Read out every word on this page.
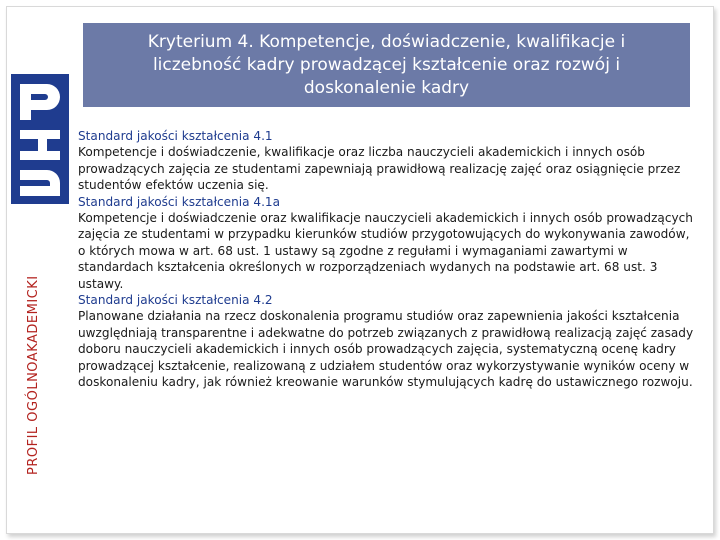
PROFIL OGÓLNOAKADEMICKI
Kryterium 4. Kompetencje, doświadczenie, kwalifikacje i liczebność kadry prowadzącej kształcenie oraz rozwój i doskonalenie kadry

Standard jakości kształcenia 4.1

Kompetencje i doświadczenie, kwalifikacje oraz liczba nauczycieli akademickich i innych osób prowadzących zajęcia ze studentami zapewniają prawidłową realizację zajęć oraz osiągnięcie przez studentów efektów uczenia się.

Standard jakości kształcenia 4.1a

Kompetencje i doświadczenie oraz kwalifikacje nauczycieli akademickich i innych osób prowadzących zajęcia ze studentami w przypadku kierunków studiów przygotowujących do wykonywania zawodów, o których mowa w art. 68 ust. 1 ustawy są zgodne z regułami i wymaganiami zawartymi w standardach kształcenia określonych w rozporządzeniach wydanych na podstawie art. 68 ust. 3 ustawy.

Standard jakości kształcenia 4.2

Planowane działania na rzecz doskonalenia programu studiów oraz zapewnienia jakości kształcenia uwzględniają transparentne i adekwatne do potrzeb związanych z prawidłową realizacją zajęć zasady doboru nauczycieli akademickich i innych osób prowadzących zajęcia, systematyczną ocenę kadry prowadzącej kształcenie, realizowaną z udziałem studentów oraz wykorzystywanie wyników oceny w doskonaleniu kadry, jak również kreowanie warunków stymulujących kadrę do ustawicznego rozwoju.
